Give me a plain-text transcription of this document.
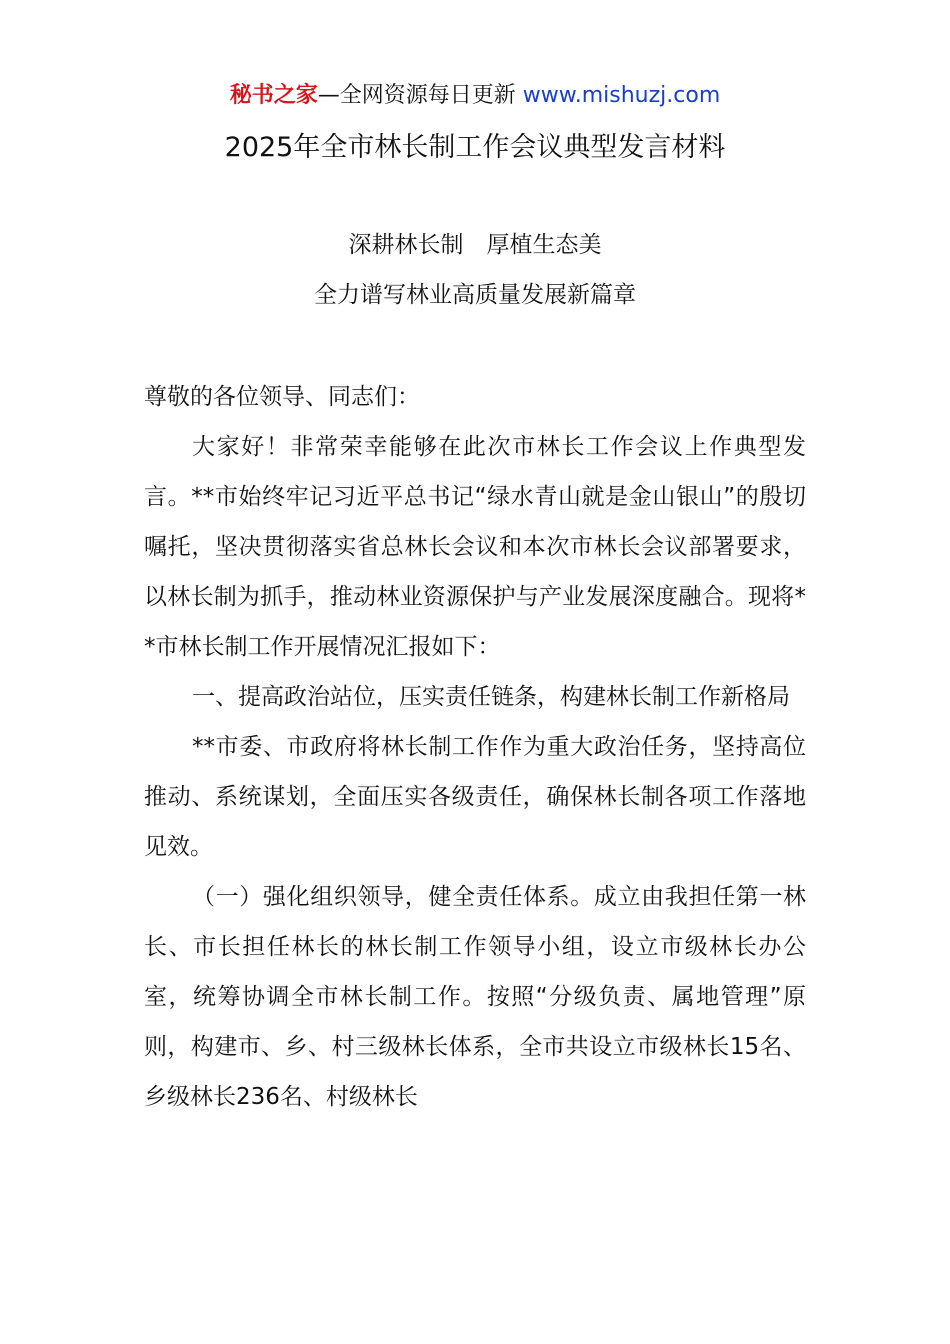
秘书之家—全网资源每日更新 www.mishuzj.com
2025年全市林长制工作会议典型发言材料
深耕林长制　厚植生态美
全力谱写林业高质量发展新篇章

尊敬的各位领导、同志们：

大家好！非常荣幸能够在此次市林长工作会议上作典型发言。**市始终牢记习近平总书记“绿水青山就是金山银山”的殷切嘱托，坚决贯彻落实省总林长会议和本次市林长会议部署要求，以林长制为抓手，推动林业资源保护与产业发展深度融合。现将**市林长制工作开展情况汇报如下：

一、提高政治站位，压实责任链条，构建林长制工作新格局

**市委、市政府将林长制工作作为重大政治任务，坚持高位推动、系统谋划，全面压实各级责任，确保林长制各项工作落地见效。

（一）强化组织领导，健全责任体系。成立由我担任第一林长、市长担任林长的林长制工作领导小组，设立市级林长办公室，统筹协调全市林长制工作。按照“分级负责、属地管理”原则，构建市、乡、村三级林长体系，全市共设立市级林长15名、乡级林长236名、村级林长
